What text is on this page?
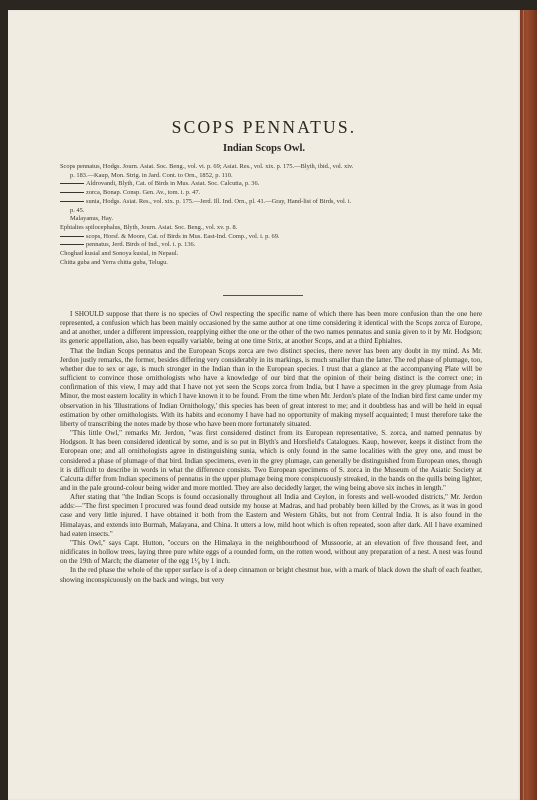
SCOPS PENNATUS.
Indian Scops Owl.
Scops pennatus, Hodgs. Journ. Asiat. Soc. Beng., vol. vi. p. 69; Asiat. Res., vol. xix. p. 175.—Blyth, ibid., vol. xiv.
p. 183.—Kaup, Mon. Strig. in Jard. Cont. to Orn., 1852, p. 110.
Aldrovandi, Blyth, Cat. of Birds in Mus. Asiat. Soc. Calcutta, p. 36.
zorca, Bonap. Consp. Gen. Av., tom. i. p. 47.
sunia, Hodgs. Asiat. Res., vol. xix. p. 175.—Jerd. Ill. Ind. Orn., pl. 41.—Gray, Hand-list of Birds, vol. i.
p. 45.
Malayanus, Hay.
Ephialtes spilocephalus, Blyth, Journ. Asiat. Soc. Beng., vol. xv. p. 8.
scops, Horsf. & Moore, Cat. of Birds in Mus. East-Ind. Comp., vol. i. p. 69.
pennatus, Jerd. Birds of Ind., vol. i. p. 136.
Choghad kusial and Sonoya kusial, in Nepaul.
Chitta guba and Yerra chitta guba, Telugu.

I SHOULD suppose that there is no species of Owl respecting the specific name of which there has been more confusion than the one here represented, a confusion which has been mainly occasioned by the same author at one time considering it identical with the Scops zorca of Europe, and at another, under a different impression, reapplying either the one or the other of the two names pennatus and sunia given to it by Mr. Hodgson; its generic appellation, also, has been equally variable, being at one time Strix, at another Scops, and at a third Ephialtes.

That the Indian Scops pennatus and the European Scops zorca are two distinct species, there never has been any doubt in my mind. As Mr. Jerdon justly remarks, the former, besides differing very considerably in its markings, is much smaller than the latter. The red phase of plumage, too, whether due to sex or age, is much stronger in the Indian than in the European species. I trust that a glance at the accompanying Plate will be sufficient to convince those ornithologists who have a knowledge of our bird that the opinion of their being distinct is the correct one; in confirmation of this view, I may add that I have not yet seen the Scops zorca from India, but I have a specimen in the grey plumage from Asia Minor, the most eastern locality in which I have known it to be found. From the time when Mr. Jerdon's plate of the Indian bird first came under my observation in his 'Illustrations of Indian Ornithology,' this species has been of great interest to me; and it doubtless has and will be held in equal estimation by other ornithologists. With its habits and economy I have had no opportunity of making myself acquainted; I must therefore take the liberty of transcribing the notes made by those who have been more fortunately situated.

"This little Owl," remarks Mr. Jerdon, "was first considered distinct from its European representative, S. zorca, and named pennatus by Hodgson. It has been considered identical by some, and is so put in Blyth's and Horsfield's Catalogues. Kaup, however, keeps it distinct from the European one; and all ornithologists agree in distinguishing sunia, which is only found in the same localities with the grey one, and must be considered a phase of plumage of that bird. Indian specimens, even in the grey plumage, can generally be distinguished from European ones, though it is difficult to describe in words in what the difference consists. Two European specimens of S. zorca in the Museum of the Asiatic Society at Calcutta differ from Indian specimens of pennatus in the upper plumage being more conspicuously streaked, in the bands on the quills being lighter, and in the pale ground-colour being wider and more mottled. They are also decidedly larger, the wing being above six inches in length."

After stating that "the Indian Scops is found occasionally throughout all India and Ceylon, in forests and well-wooded districts," Mr. Jerdon adds:—"The first specimen I procured was found dead outside my house at Madras, and had probably been killed by the Crows, as it was in good case and very little injured. I have obtained it both from the Eastern and Western Ghâts, but not from Central India. It is also found in the Himalayas, and extends into Burmah, Malayana, and China. It utters a low, mild hoot which is often repeated, soon after dark. All I have examined had eaten insects."

"This Owl," says Capt. Hutton, "occurs on the Himalaya in the neighbourhood of Mussoorie, at an elevation of five thousand feet, and nidificates in hollow trees, laying three pure white eggs of a rounded form, on the rotten wood, without any preparation of a nest. A nest was found on the 19th of March; the diameter of the egg 1¹⁄₈ by 1 inch.

In the red phase the whole of the upper surface is of a deep cinnamon or bright chestnut hue, with a mark of black down the shaft of each feather, showing inconspicuously on the back and wings, but very
